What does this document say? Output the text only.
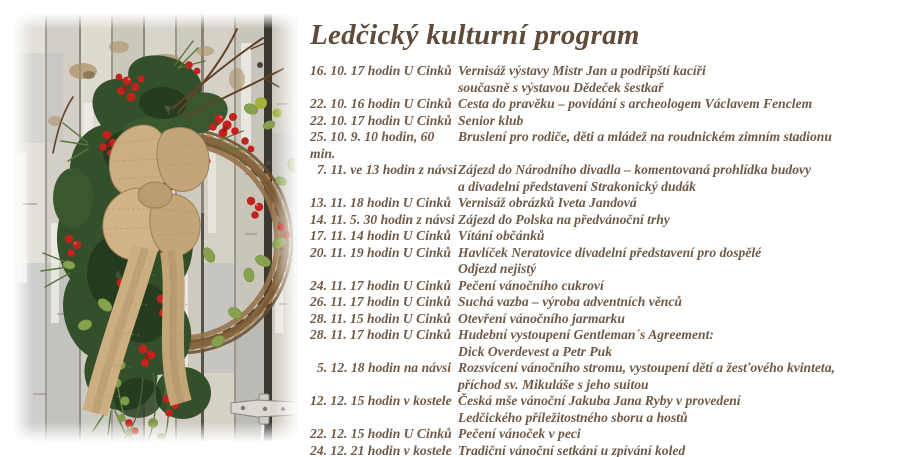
Ledčický kulturní program
16. 10. 17 hodin U Cinků Vernisáž výstavy Mistr Jan a podřipští kacíři
současně s výstavou Dědeček šestkař
22. 10. 16 hodin U Cinků Cesta do pravěku – povídání s archeologem Václavem Fenclem
22. 10. 17 hodin U Cinků Senior klub
25. 10. 9. 10 hodin, 60 min.
Bruslení pro rodiče, děti a mládež na roudnickém zimním stadionu
7. 11. ve 13 hodin z návsi Zájezd do Národního divadla – komentovaná prohlídka budovy
a divadelní představení Strakonický dudák
13. 11. 18 hodin U Cinků Vernisáž obrázků Iveta Jandová
14. 11. 5. 30 hodin z návsi Zájezd do Polska na předvánoční trhy
17. 11. 14 hodin U Cinků Vítání občánků
20. 11. 19 hodin U Cinků Havlíček Neratovice divadelní představení pro dospělé
Odjezd nejistý
24. 11. 17 hodin U Cinků Pečení vánočního cukroví
26. 11. 17 hodin U Cinků Suchá vazba – výroba adventních věnců
28. 11. 15 hodin U Cinků Otevření vánočního jarmarku
28. 11. 17 hodin U Cinků Hudební vystoupení Gentleman´s Agreement:
Dick Overdevest a Petr Puk
5. 12. 18 hodin na návsi Rozsvícení vánočního stromu, vystoupení dětí a žesťového kvinteta,
příchod sv. Mikuláše s jeho suitou
12. 12. 15 hodin v kostele Česká mše vánoční Jakuba Jana Ryby v provedení
Ledčického příležitostného sboru a hostů
22. 12. 15 hodin U Cinků Pečení vánoček v peci
24. 12. 21 hodin v kostele Tradiční vánoční setkání u zpívání koled
